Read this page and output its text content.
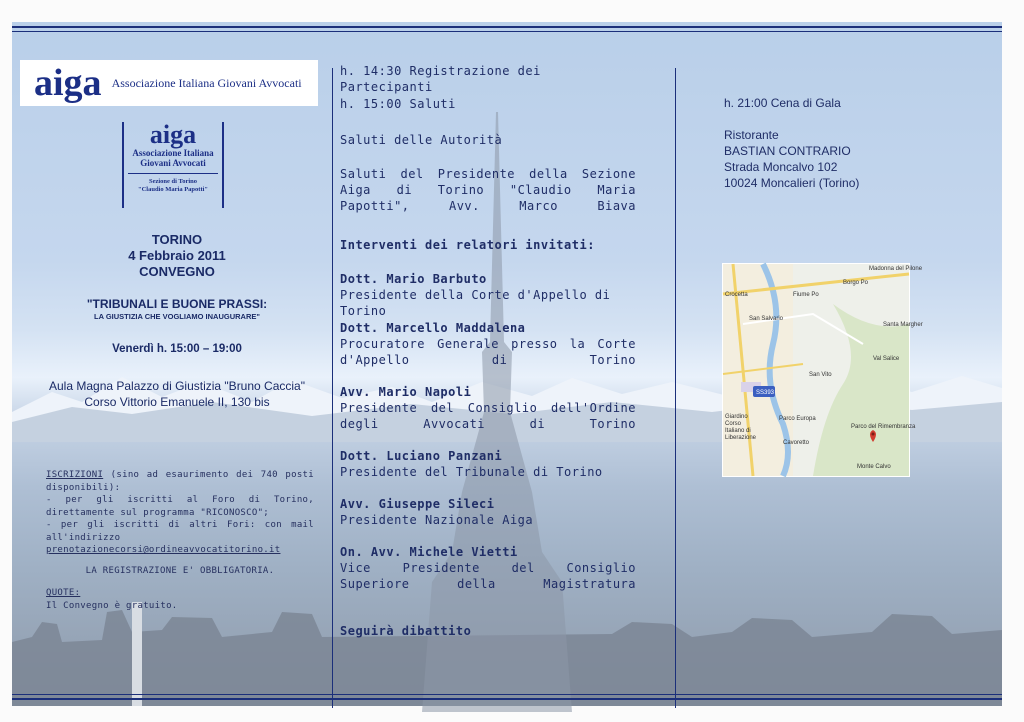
aiga Associazione Italiana Giovani Avvocati
aiga
Associazione Italiana
Giovani Avvocati
Sezione di Torino
"Claudio Maria Papotti"
TORINO
4 Febbraio 2011
CONVEGNO
"TRIBUNALI E BUONE PRASSI:
LA GIUSTIZIA CHE VOGLIAMO INAUGURARE"
Venerdì h. 15:00 – 19:00
Aula Magna Palazzo di Giustizia "Bruno Caccia"
Corso Vittorio Emanuele II, 130 bis
ISCRIZIONI (sino ad esaurimento dei 740 posti disponibili):
- per gli iscritti al Foro di Torino, direttamente sul programma "RICONOSCO";
- per gli iscritti di altri Fori: con mail all'indirizzo
prenotazionecorsi@ordineavvocatitorino.it
LA REGISTRAZIONE E' OBBLIGATORIA.
QUOTE:
Il Convegno è gratuito.
h. 14:30 Registrazione dei Partecipanti
h. 15:00 Saluti
Saluti delle Autorità
Saluti del Presidente della Sezione Aiga di Torino "Claudio Maria Papotti", Avv. Marco Biava
Interventi dei relatori invitati:
Dott. Mario Barbuto
Presidente della Corte d'Appello di Torino
Dott. Marcello Maddalena
Procuratore Generale presso la Corte d'Appello di Torino
Avv. Mario Napoli
Presidente del Consiglio dell'Ordine degli Avvocati di Torino
Dott. Luciano Panzani
Presidente del Tribunale di Torino
Avv. Giuseppe Sileci
Presidente Nazionale Aiga
On. Avv. Michele Vietti
Vice Presidente del Consiglio Superiore della Magistratura
Seguirà dibattito
h. 21:00 Cena di Gala
Ristorante
BASTIAN CONTRARIO
Strada Moncalvo 102
10024 Moncalieri (Torino)
SS393
Madonna del Pilone
Borgo Po
Crocetta	Fiume Po
San Salvario
Santa Margher
Val Salice
San Vito
Giardino Corso Italiano di Liberazione
Parco Europa
Parco del Rimembranza
Cavoretto
Monte Calvo
